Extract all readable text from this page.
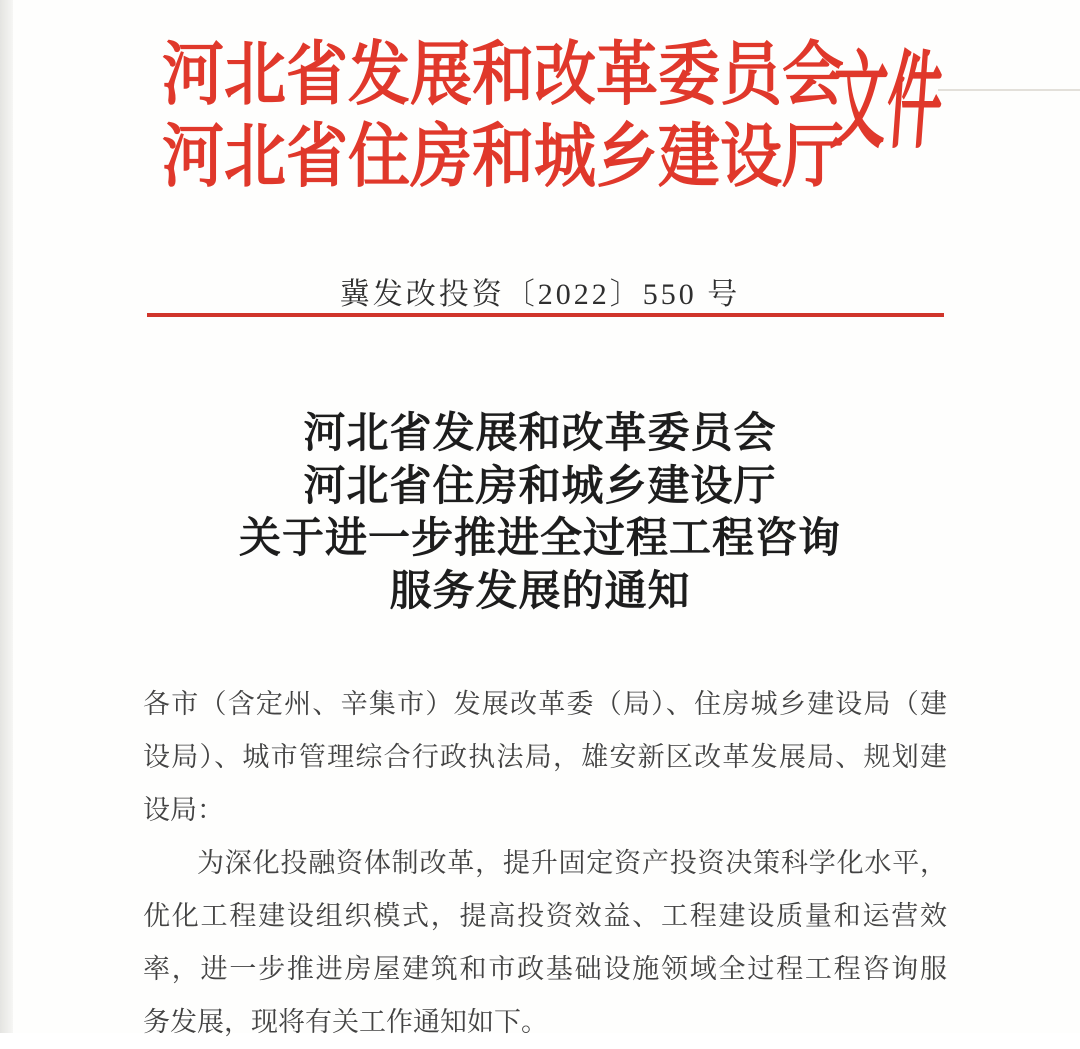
河北省发展和改革委员会
河北省住房和城乡建设厅
文件
冀发改投资〔2022〕550 号
河北省发展和改革委员会
河北省住房和城乡建设厅
关于进一步推进全过程工程咨询
服务发展的通知
各市（含定州、辛集市）发展改革委（局）、住房城乡建设局（建
设局）、城市管理综合行政执法局，雄安新区改革发展局、规划建
设局：
为深化投融资体制改革，提升固定资产投资决策科学化水平，
优化工程建设组织模式，提高投资效益、工程建设质量和运营效
率，进一步推进房屋建筑和市政基础设施领域全过程工程咨询服
务发展，现将有关工作通知如下。
